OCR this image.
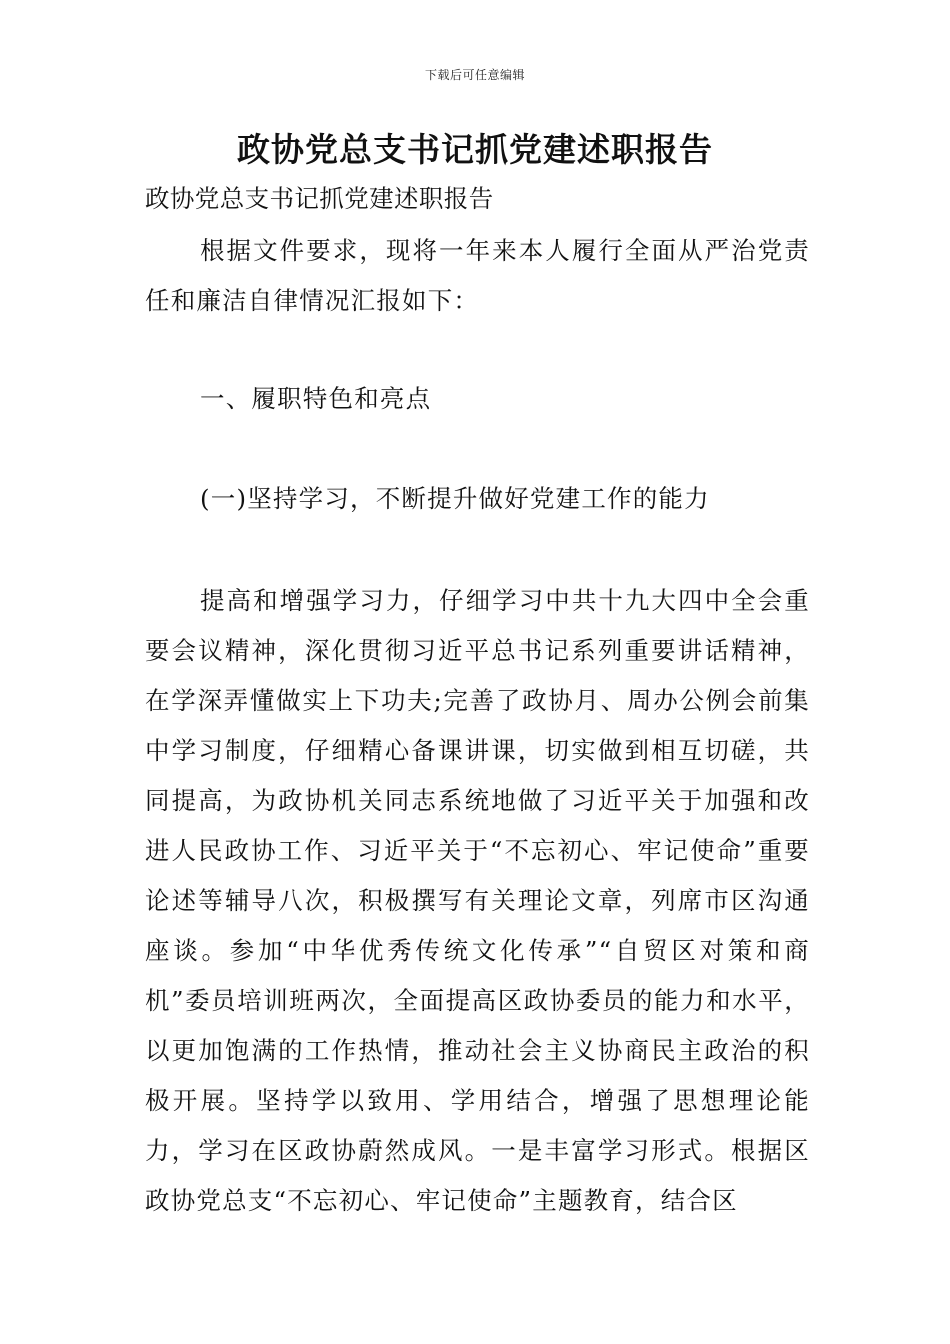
下载后可任意编辑
政协党总支书记抓党建述职报告

政协党总支书记抓党建述职报告

根据文件要求，现将一年来本人履行全面从严治党责任和廉洁自律情况汇报如下：

一、履职特色和亮点

(一)坚持学习，不断提升做好党建工作的能力

提高和增强学习力，仔细学习中共十九大四中全会重要会议精神，深化贯彻习近平总书记系列重要讲话精神，在学深弄懂做实上下功夫;完善了政协月、周办公例会前集中学习制度，仔细精心备课讲课，切实做到相互切磋，共同提高，为政协机关同志系统地做了习近平关于加强和改进人民政协工作、习近平关于“不忘初心、牢记使命”重要论述等辅导八次，积极撰写有关理论文章，列席市区沟通座谈。参加“中华优秀传统文化传承”“自贸区对策和商机”委员培训班两次，全面提高区政协委员的能力和水平，以更加饱满的工作热情，推动社会主义协商民主政治的积极开展。坚持学以致用、学用结合，增强了思想理论能力，学习在区政协蔚然成风。一是丰富学习形式。根据区政协党总支“不忘初心、牢记使命”主题教育，结合区
